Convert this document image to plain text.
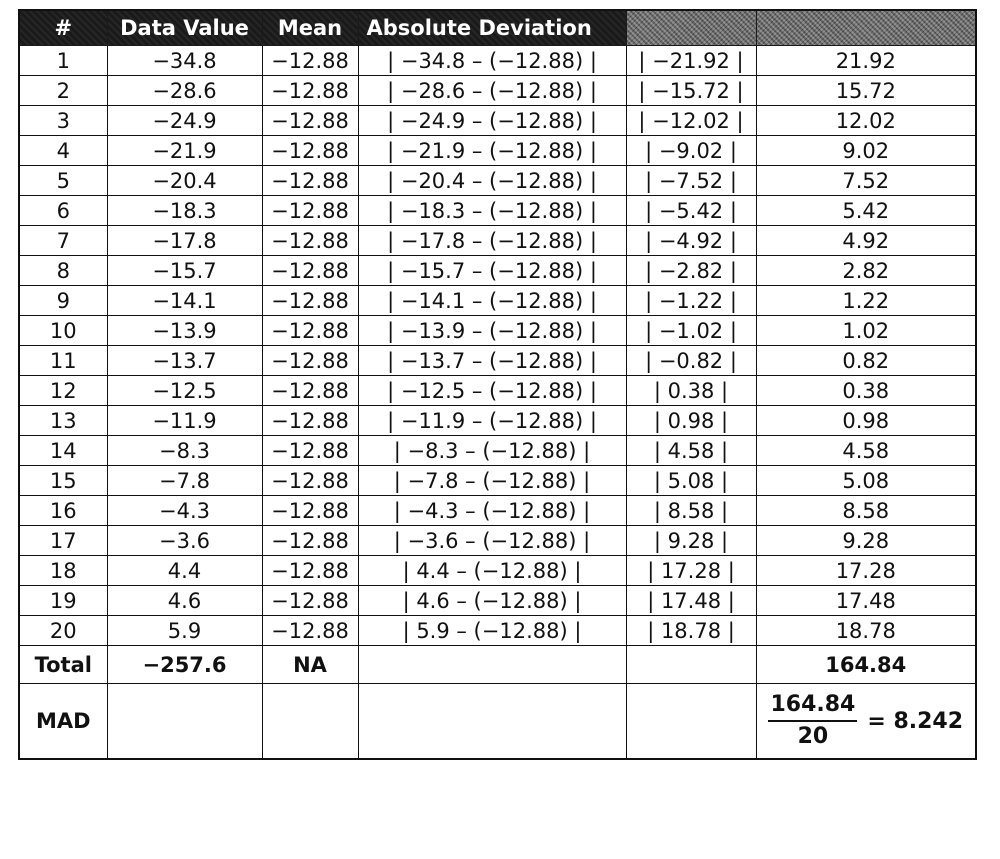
#	Data Value	Mean	Absolute Deviation		
1	−34.8	−12.88	| −34.8 – (−12.88) |	| −21.92 |	21.92
2	−28.6	−12.88	| −28.6 – (−12.88) |	| −15.72 |	15.72
3	−24.9	−12.88	| −24.9 – (−12.88) |	| −12.02 |	12.02
4	−21.9	−12.88	| −21.9 – (−12.88) |	| −9.02 |	9.02
5	−20.4	−12.88	| −20.4 – (−12.88) |	| −7.52 |	7.52
6	−18.3	−12.88	| −18.3 – (−12.88) |	| −5.42 |	5.42
7	−17.8	−12.88	| −17.8 – (−12.88) |	| −4.92 |	4.92
8	−15.7	−12.88	| −15.7 – (−12.88) |	| −2.82 |	2.82
9	−14.1	−12.88	| −14.1 – (−12.88) |	| −1.22 |	1.22
10	−13.9	−12.88	| −13.9 – (−12.88) |	| −1.02 |	1.02
11	−13.7	−12.88	| −13.7 – (−12.88) |	| −0.82 |	0.82
12	−12.5	−12.88	| −12.5 – (−12.88) |	| 0.38 |	0.38
13	−11.9	−12.88	| −11.9 – (−12.88) |	| 0.98 |	0.98
14	−8.3	−12.88	| −8.3 – (−12.88) |	| 4.58 |	4.58
15	−7.8	−12.88	| −7.8 – (−12.88) |	| 5.08 |	5.08
16	−4.3	−12.88	| −4.3 – (−12.88) |	| 8.58 |	8.58
17	−3.6	−12.88	| −3.6 – (−12.88) |	| 9.28 |	9.28
18	4.4	−12.88	| 4.4 – (−12.88) |	| 17.28 |	17.28
19	4.6	−12.88	| 4.6 – (−12.88) |	| 17.48 |	17.48
20	5.9	−12.88	| 5.9 – (−12.88) |	| 18.78 |	18.78
Total	−257.6	NA			164.84
MAD					$\frac{164.84}{20} = 8.242$
